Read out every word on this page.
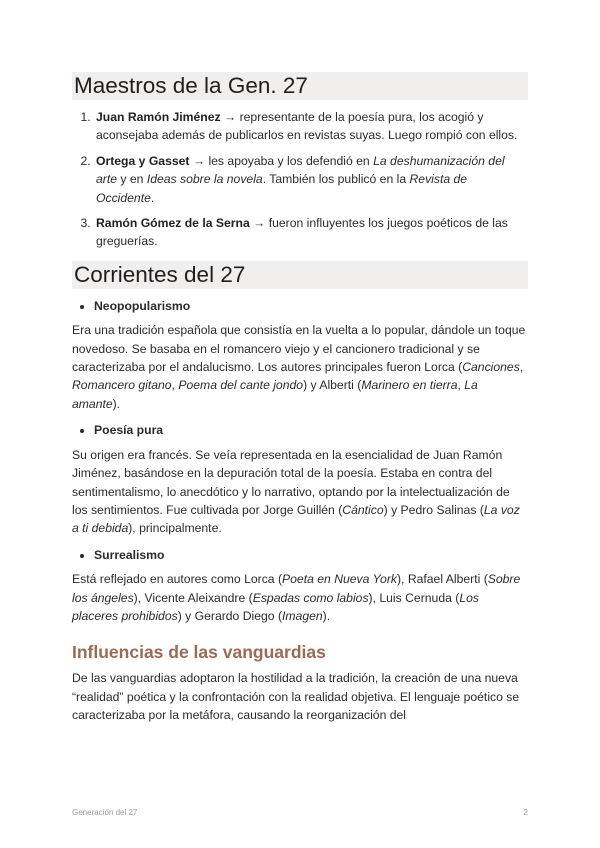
Maestros de la Gen. 27
1. Juan Ramón Jiménez → representante de la poesía pura, los acogió y aconsejaba además de publicarlos en revistas suyas. Luego rompió con ellos.
2. Ortega y Gasset → les apoyaba y los defendió en La deshumanización del arte y en Ideas sobre la novela. También los publicó en la Revista de Occidente.
3. Ramón Gómez de la Serna → fueron influyentes los juegos poéticos de las greguerías.
Corrientes del 27
• Neopopularismo

Era una tradición española que consistía en la vuelta a lo popular, dándole un toque novedoso. Se basaba en el romancero viejo y el cancionero tradicional y se caracterizaba por el andalucismo. Los autores principales fueron Lorca (Canciones, Romancero gitano, Poema del cante jondo) y Alberti (Marinero en tierra, La amante).

• Poesía pura

Su origen era francés. Se veía representada en la esencialidad de Juan Ramón Jiménez, basándose en la depuración total de la poesía. Estaba en contra del sentimentalismo, lo anecdótico y lo narrativo, optando por la intelectualización de los sentimientos. Fue cultivada por Jorge Guillén (Cántico) y Pedro Salinas (La voz a ti debida), principalmente.

• Surrealismo

Está reflejado en autores como Lorca (Poeta en Nueva York), Rafael Alberti (Sobre los ángeles), Vicente Aleixandre (Espadas como labios), Luis Cernuda (Los placeres prohibidos) y Gerardo Diego (Imagen).

Influencias de las vanguardias

De las vanguardias adoptaron la hostilidad a la tradición, la creación de una nueva “realidad” poética y la confrontación con la realidad objetiva. El lenguaje poético se caracterizaba por la metáfora, causando la reorganización del

Generación del 27	2
